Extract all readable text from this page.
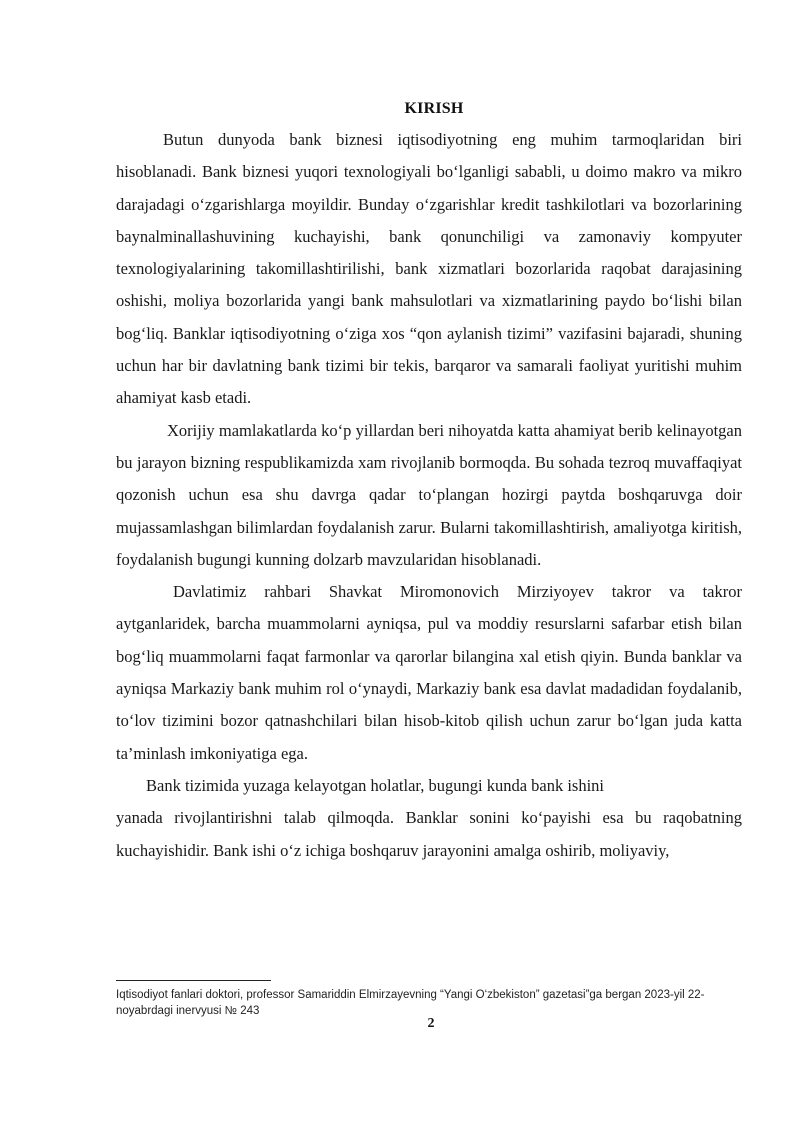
KIRISH

Butun dunyoda bank biznesi iqtisodiyotning eng muhim tarmoqlaridan biri hisoblanadi. Bank biznesi yuqori texnologiyali bo‘lganligi sababli, u doimo makro va mikro darajadagi o‘zgarishlarga moyildir. Bunday o‘zgarishlar kredit tashkilotlari va bozorlarining baynalminallashuvining kuchayishi, bank qonunchiligi va zamonaviy kompyuter texnologiyalarining takomillashtirilishi, bank xizmatlari bozorlarida raqobat darajasining oshishi, moliya bozorlarida yangi bank mahsulotlari va xizmatlarining paydo bo‘lishi bilan bog‘liq. Banklar iqtisodiyotning o‘ziga xos “qon aylanish tizimi” vazifasini bajaradi, shuning uchun har bir davlatning bank tizimi bir tekis, barqaror va samarali faoliyat yuritishi muhim ahamiyat kasb etadi.

Xorijiy mamlakatlarda ko‘p yillardan beri nihoyatda katta ahamiyat berib kelinayotgan bu jarayon bizning respublikamizda xam rivojlanib bormoqda. Bu sohada tezroq muvaffaqiyat qozonish uchun esa shu davrga qadar to‘plangan hozirgi paytda boshqaruvga doir mujassamlashgan bilimlardan foydalanish zarur. Bularni takomillashtirish, amaliyotga kiritish, foydalanish bugungi kunning dolzarb mavzularidan hisoblanadi.

Davlatimiz rahbari Shavkat Miromonovich Mirziyoyev takror va takror aytganlaridek, barcha muammolarni ayniqsa, pul va moddiy resurslarni safarbar etish bilan bog‘liq muammolarni faqat farmonlar va qarorlar bilangina xal etish qiyin. Bunda banklar va ayniqsa Markaziy bank muhim rol o‘ynaydi, Markaziy bank esa davlat madadidan foydalanib, to‘lov tizimini bozor qatnashchilari bilan hisob-kitob qilish uchun zarur bo‘lgan juda katta ta’minlash imkoniyatiga ega.

Bank tizimida yuzaga kelayotgan holatlar, bugungi kunda bank ishini

yanada rivojlantirishni talab qilmoqda. Banklar sonini ko‘payishi esa bu raqobatning kuchayishidir. Bank ishi o‘z ichiga boshqaruv jarayonini amalga oshirib, moliyaviy,

Iqtisodiyot fanlari doktori, professor Samariddin Elmirzayevning “Yangi O‘zbekiston” gazetasi”ga bergan 2023-yil 22-noyabrdagi inervyusi № 243
2
